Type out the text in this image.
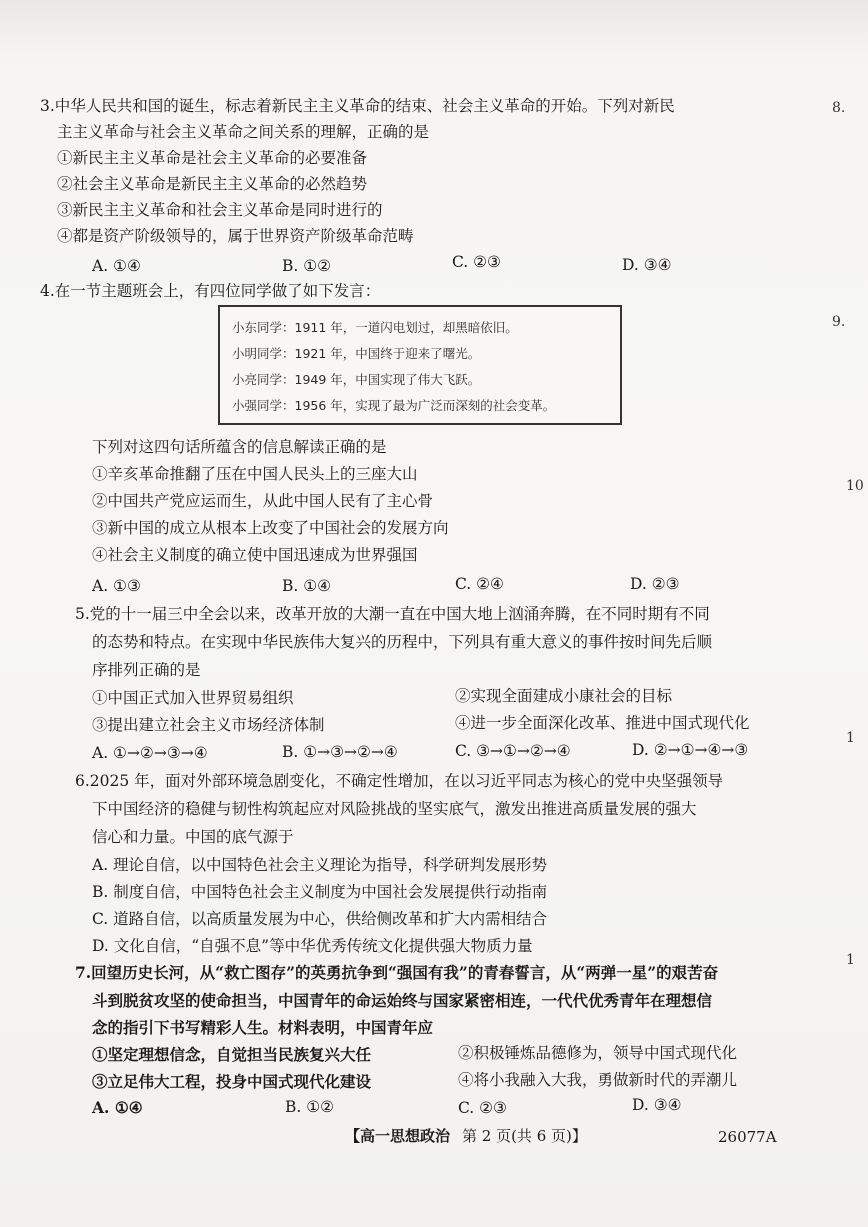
3.中华人民共和国的诞生，标志着新民主主义革命的结束、社会主义革命的开始。下列对新民
主主义革命与社会主义革命之间关系的理解，正确的是
①新民主主义革命是社会主义革命的必要准备
②社会主义革命是新民主主义革命的必然趋势
③新民主主义革命和社会主义革命是同时进行的
④都是资产阶级领导的，属于世界资产阶级革命范畴
A. ①④	B. ①②	C. ②③	D. ③④
4.在一节主题班会上，有四位同学做了如下发言：
小东同学：1911 年，一道闪电划过，却黑暗依旧。
小明同学：1921 年，中国终于迎来了曙光。
小亮同学：1949 年，中国实现了伟大飞跃。
小强同学：1956 年，实现了最为广泛而深刻的社会变革。
下列对这四句话所蕴含的信息解读正确的是
①辛亥革命推翻了压在中国人民头上的三座大山
②中国共产党应运而生，从此中国人民有了主心骨
③新中国的成立从根本上改变了中国社会的发展方向
④社会主义制度的确立使中国迅速成为世界强国
A. ①③	B. ①④	C. ②④	D. ②③
5.党的十一届三中全会以来，改革开放的大潮一直在中国大地上汹涌奔腾，在不同时期有不同
的态势和特点。在实现中华民族伟大复兴的历程中，下列具有重大意义的事件按时间先后顺
序排列正确的是
①中国正式加入世界贸易组织	②实现全面建成小康社会的目标
③提出建立社会主义市场经济体制	④进一步全面深化改革、推进中国式现代化
A. ①→②→③→④	B. ①→③→②→④	C. ③→①→②→④	D. ②→①→④→③
6.2025 年，面对外部环境急剧变化，不确定性增加，在以习近平同志为核心的党中央坚强领导
下中国经济的稳健与韧性构筑起应对风险挑战的坚实底气，激发出推进高质量发展的强大
信心和力量。中国的底气源于
A. 理论自信，以中国特色社会主义理论为指导，科学研判发展形势
B. 制度自信，中国特色社会主义制度为中国社会发展提供行动指南
C. 道路自信，以高质量发展为中心，供给侧改革和扩大内需相结合
D. 文化自信，“自强不息”等中华优秀传统文化提供强大物质力量
7.回望历史长河，从“救亡图存”的英勇抗争到“强国有我”的青春誓言，从“两弹一星”的艰苦奋
斗到脱贫攻坚的使命担当，中国青年的命运始终与国家紧密相连，一代代优秀青年在理想信
念的指引下书写精彩人生。材料表明，中国青年应
①坚定理想信念，自觉担当民族复兴大任	②积极锤炼品德修为，领导中国式现代化
③立足伟大工程，投身中国式现代化建设	④将小我融入大我，勇做新时代的弄潮儿
A. ①④	B. ①②	C. ②③	D. ③④
8.
9.
10
1
1
【高一思想政治 第 2 页(共 6 页)】	26077A
